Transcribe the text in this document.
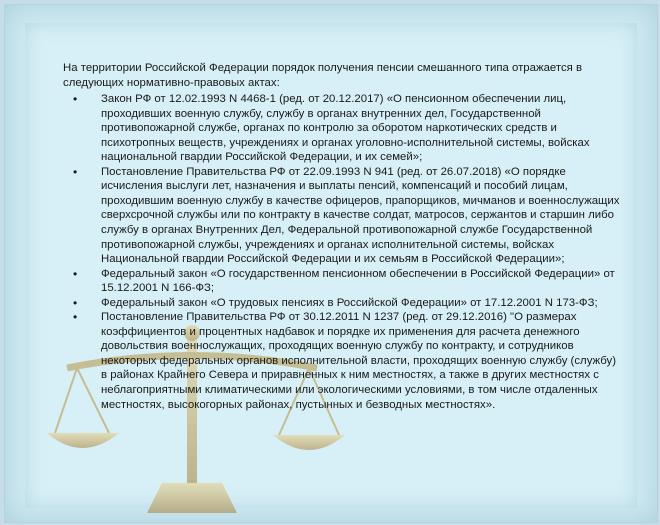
На территории Российской Федерации порядок получения пенсии смешанного типа отражается в следующих нормативно-правовых актах:

• Закон РФ от 12.02.1993 N 4468-1 (ред. от 20.12.2017) «О пенсионном обеспечении лиц, проходивших военную службу, службу в органах внутренних дел, Государственной противопожарной службе, органах по контролю за оборотом наркотических средств и психотропных веществ, учреждениях и органах уголовно-исполнительной системы, войсках национальной гвардии Российской Федерации, и их семей»;
• Постановление Правительства РФ от 22.09.1993 N 941 (ред. от 26.07.2018) «О порядке исчисления выслуги лет, назначения и выплаты пенсий, компенсаций и пособий лицам, проходившим военную службу в качестве офицеров, прапорщиков, мичманов и военнослужащих сверхсрочной службы или по контракту в качестве солдат, матросов, сержантов и старшин либо службу в органах Внутренних Дел, Федеральной противопожарной службе Государственной противопожарной службы, учреждениях и органах исполнительной системы, войсках Национальной гвардии Российской Федерации и их семьям в Российской Федерации»;
• Федеральный закон «О государственном пенсионном обеспечении в Российской Федерации» от 15.12.2001 N 166-ФЗ;
• Федеральный закон «О трудовых пенсиях в Российской Федерации» от 17.12.2001 N 173-ФЗ;
• Постановление Правительства РФ от 30.12.2011 N 1237 (ред. от 29.12.2016) "О размерах коэффициентов и процентных надбавок и порядке их применения для расчета денежного довольствия военнослужащих, проходящих военную службу по контракту, и сотрудников некоторых федеральных органов исполнительной власти, проходящих военную службу (службу) в районах Крайнего Севера и приравненных к ним местностях, а также в других местностях с неблагоприятными климатическими или экологическими условиями, в том числе отдаленных местностях, высокогорных районах, пустынных и безводных местностях».
